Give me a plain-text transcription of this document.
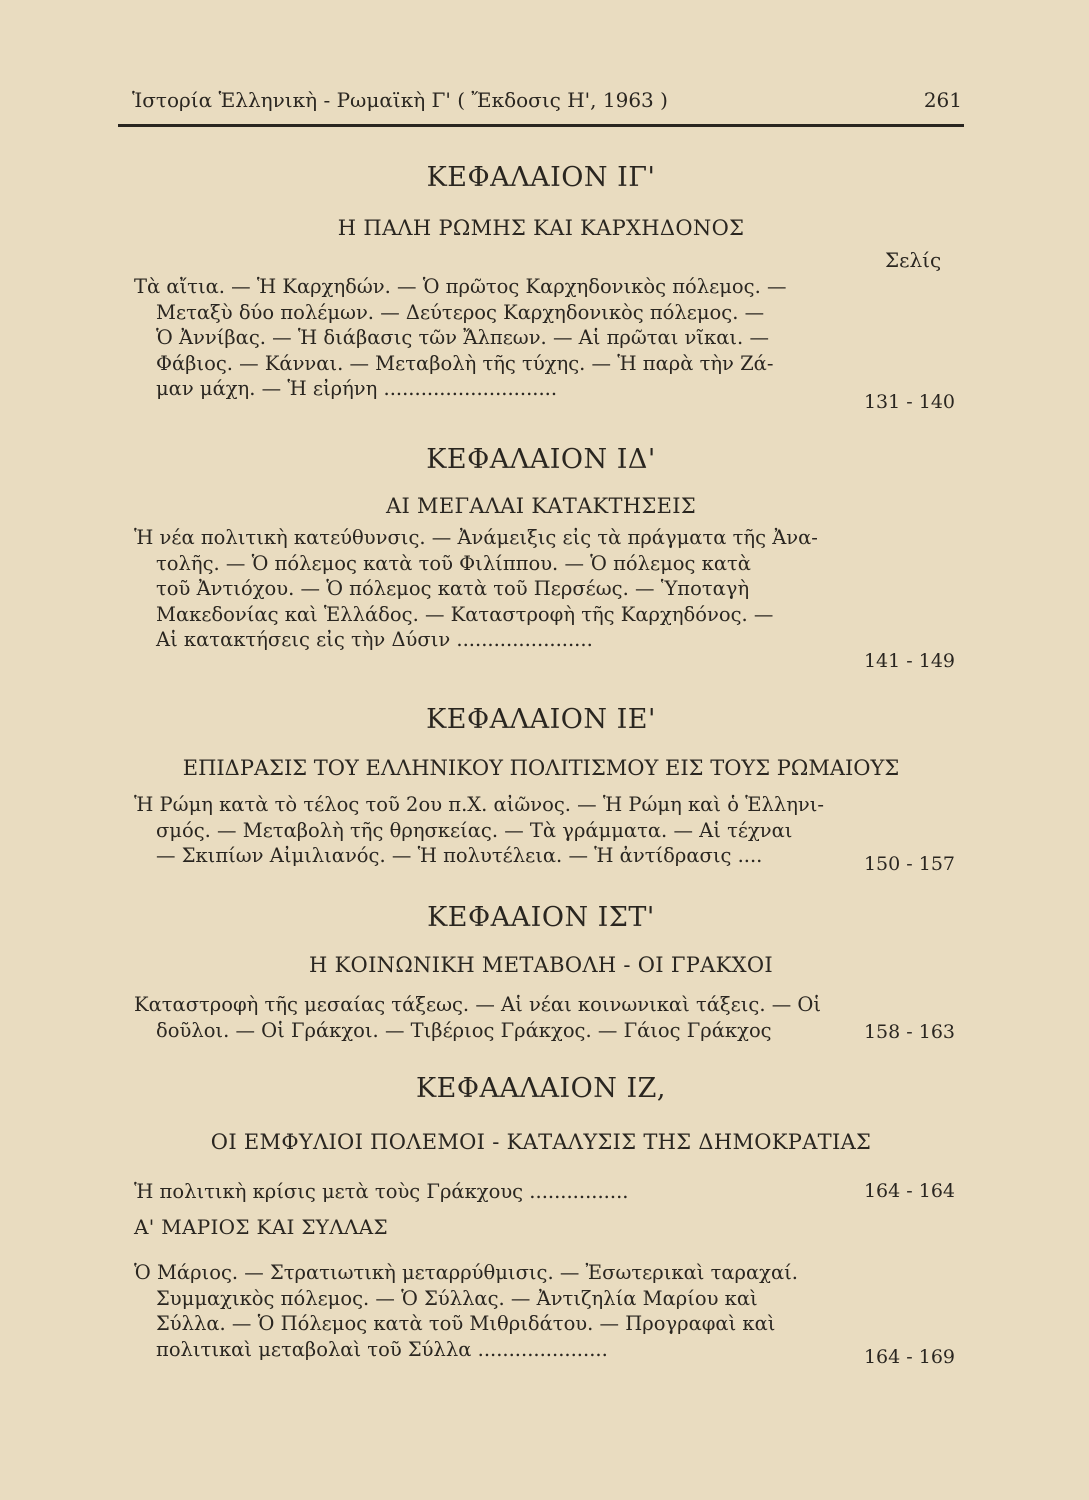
Ἱστορία Ἑλληνικὴ - Ρωμαϊκὴ Γ' ( Ἔκδοσις Η', 1963 )	261
ΚΕΦΑΛΑΙΟΝ ΙΓ'
Η ΠΑΛΗ ΡΩΜΗΣ ΚΑΙ ΚΑΡΧΗΔΟΝΟΣ
Σελίς
Τὰ αἴτια. — Ἡ Καρχηδών. — Ὁ πρῶτος Καρχηδονικὸς πόλεμος. —
Μεταξὺ δύο πολέμων. — Δεύτερος Καρχηδονικὸς πόλεμος. —
Ὁ Ἀννίβας. — Ἡ διάβασις τῶν Ἄλπεων. — Αἱ πρῶται νῖκαι. —
Φάβιος. — Κάνναι. — Μεταβολὴ τῆς τύχης. — Ἡ παρὰ τὴν Ζά-
μαν μάχη. — Ἡ εἰρήνη ............................
131 - 140
ΚΕΦΑΛΑΙΟΝ ΙΔ'
ΑΙ ΜΕΓΑΛΑΙ ΚΑΤΑΚΤΗΣΕΙΣ
Ἡ νέα πολιτικὴ κατεύθυνσις. — Ἀνάμειξις εἰς τὰ πράγματα τῆς Ἀνα-
τολῆς. — Ὁ πόλεμος κατὰ τοῦ Φιλίππου. — Ὁ πόλεμος κατὰ
τοῦ Ἀντιόχου. — Ὁ πόλεμος κατὰ τοῦ Περσέως. — Ὑποταγὴ
Μακεδονίας καὶ Ἑλλάδος. — Καταστροφὴ τῆς Καρχηδόνος. —
Αἱ κατακτήσεις εἰς τὴν Δύσιν ......................
141 - 149
ΚΕΦΑΛΑΙΟΝ ΙΕ'
ΕΠΙΔΡΑΣΙΣ ΤΟΥ ΕΛΛΗΝΙΚΟΥ ΠΟΛΙΤΙΣΜΟΥ ΕΙΣ ΤΟΥΣ ΡΩΜΑΙΟΥΣ
Ἡ Ρώμη κατὰ τὸ τέλος τοῦ 2ου π.Χ. αἰῶνος. — Ἡ Ρώμη καὶ ὁ Ἑλληνι-
σμός. — Μεταβολὴ τῆς θρησκείας. — Τὰ γράμματα. — Αἱ τέχναι
— Σκιπίων Αἰμιλιανός. — Ἡ πολυτέλεια. — Ἡ ἀντίδρασις ....	150 - 157
ΚΕΦΑΑΙΟΝ ΙΣΤ'
Η ΚΟΙΝΩΝΙΚΗ ΜΕΤΑΒΟΛΗ - ΟΙ ΓΡΑΚΧΟΙ
Καταστροφὴ τῆς μεσαίας τάξεως. — Αἱ νέαι κοινωνικαὶ τάξεις. — Οἱ
δοῦλοι. — Οἱ Γράκχοι. — Τιβέριος Γράκχος. — Γάιος Γράκχος	158 - 163
ΚΕΦΑΑΛΑΙΟΝ ΙΖ,
ΟΙ ΕΜΦΥΛΙΟΙ ΠΟΛΕΜΟΙ - ΚΑΤΑΛΥΣΙΣ ΤΗΣ ΔΗΜΟΚΡΑΤΙΑΣ
Ἡ πολιτικὴ κρίσις μετὰ τοὺς Γράκχους ................	164 - 164
Α' ΜΑΡΙΟΣ ΚΑΙ ΣΥΛΛΑΣ
Ὁ Μάριος. — Στρατιωτικὴ μεταρρύθμισις. — Ἐσωτερικαὶ ταραχαί.
Συμμαχικὸς πόλεμος. — Ὁ Σύλλας. — Ἀντιζηλία Μαρίου καὶ
Σύλλα. — Ὁ Πόλεμος κατὰ τοῦ Μιθριδάτου. — Προγραφαὶ καὶ
πολιτικαὶ μεταβολαὶ τοῦ Σύλλα .....................	164 - 169
